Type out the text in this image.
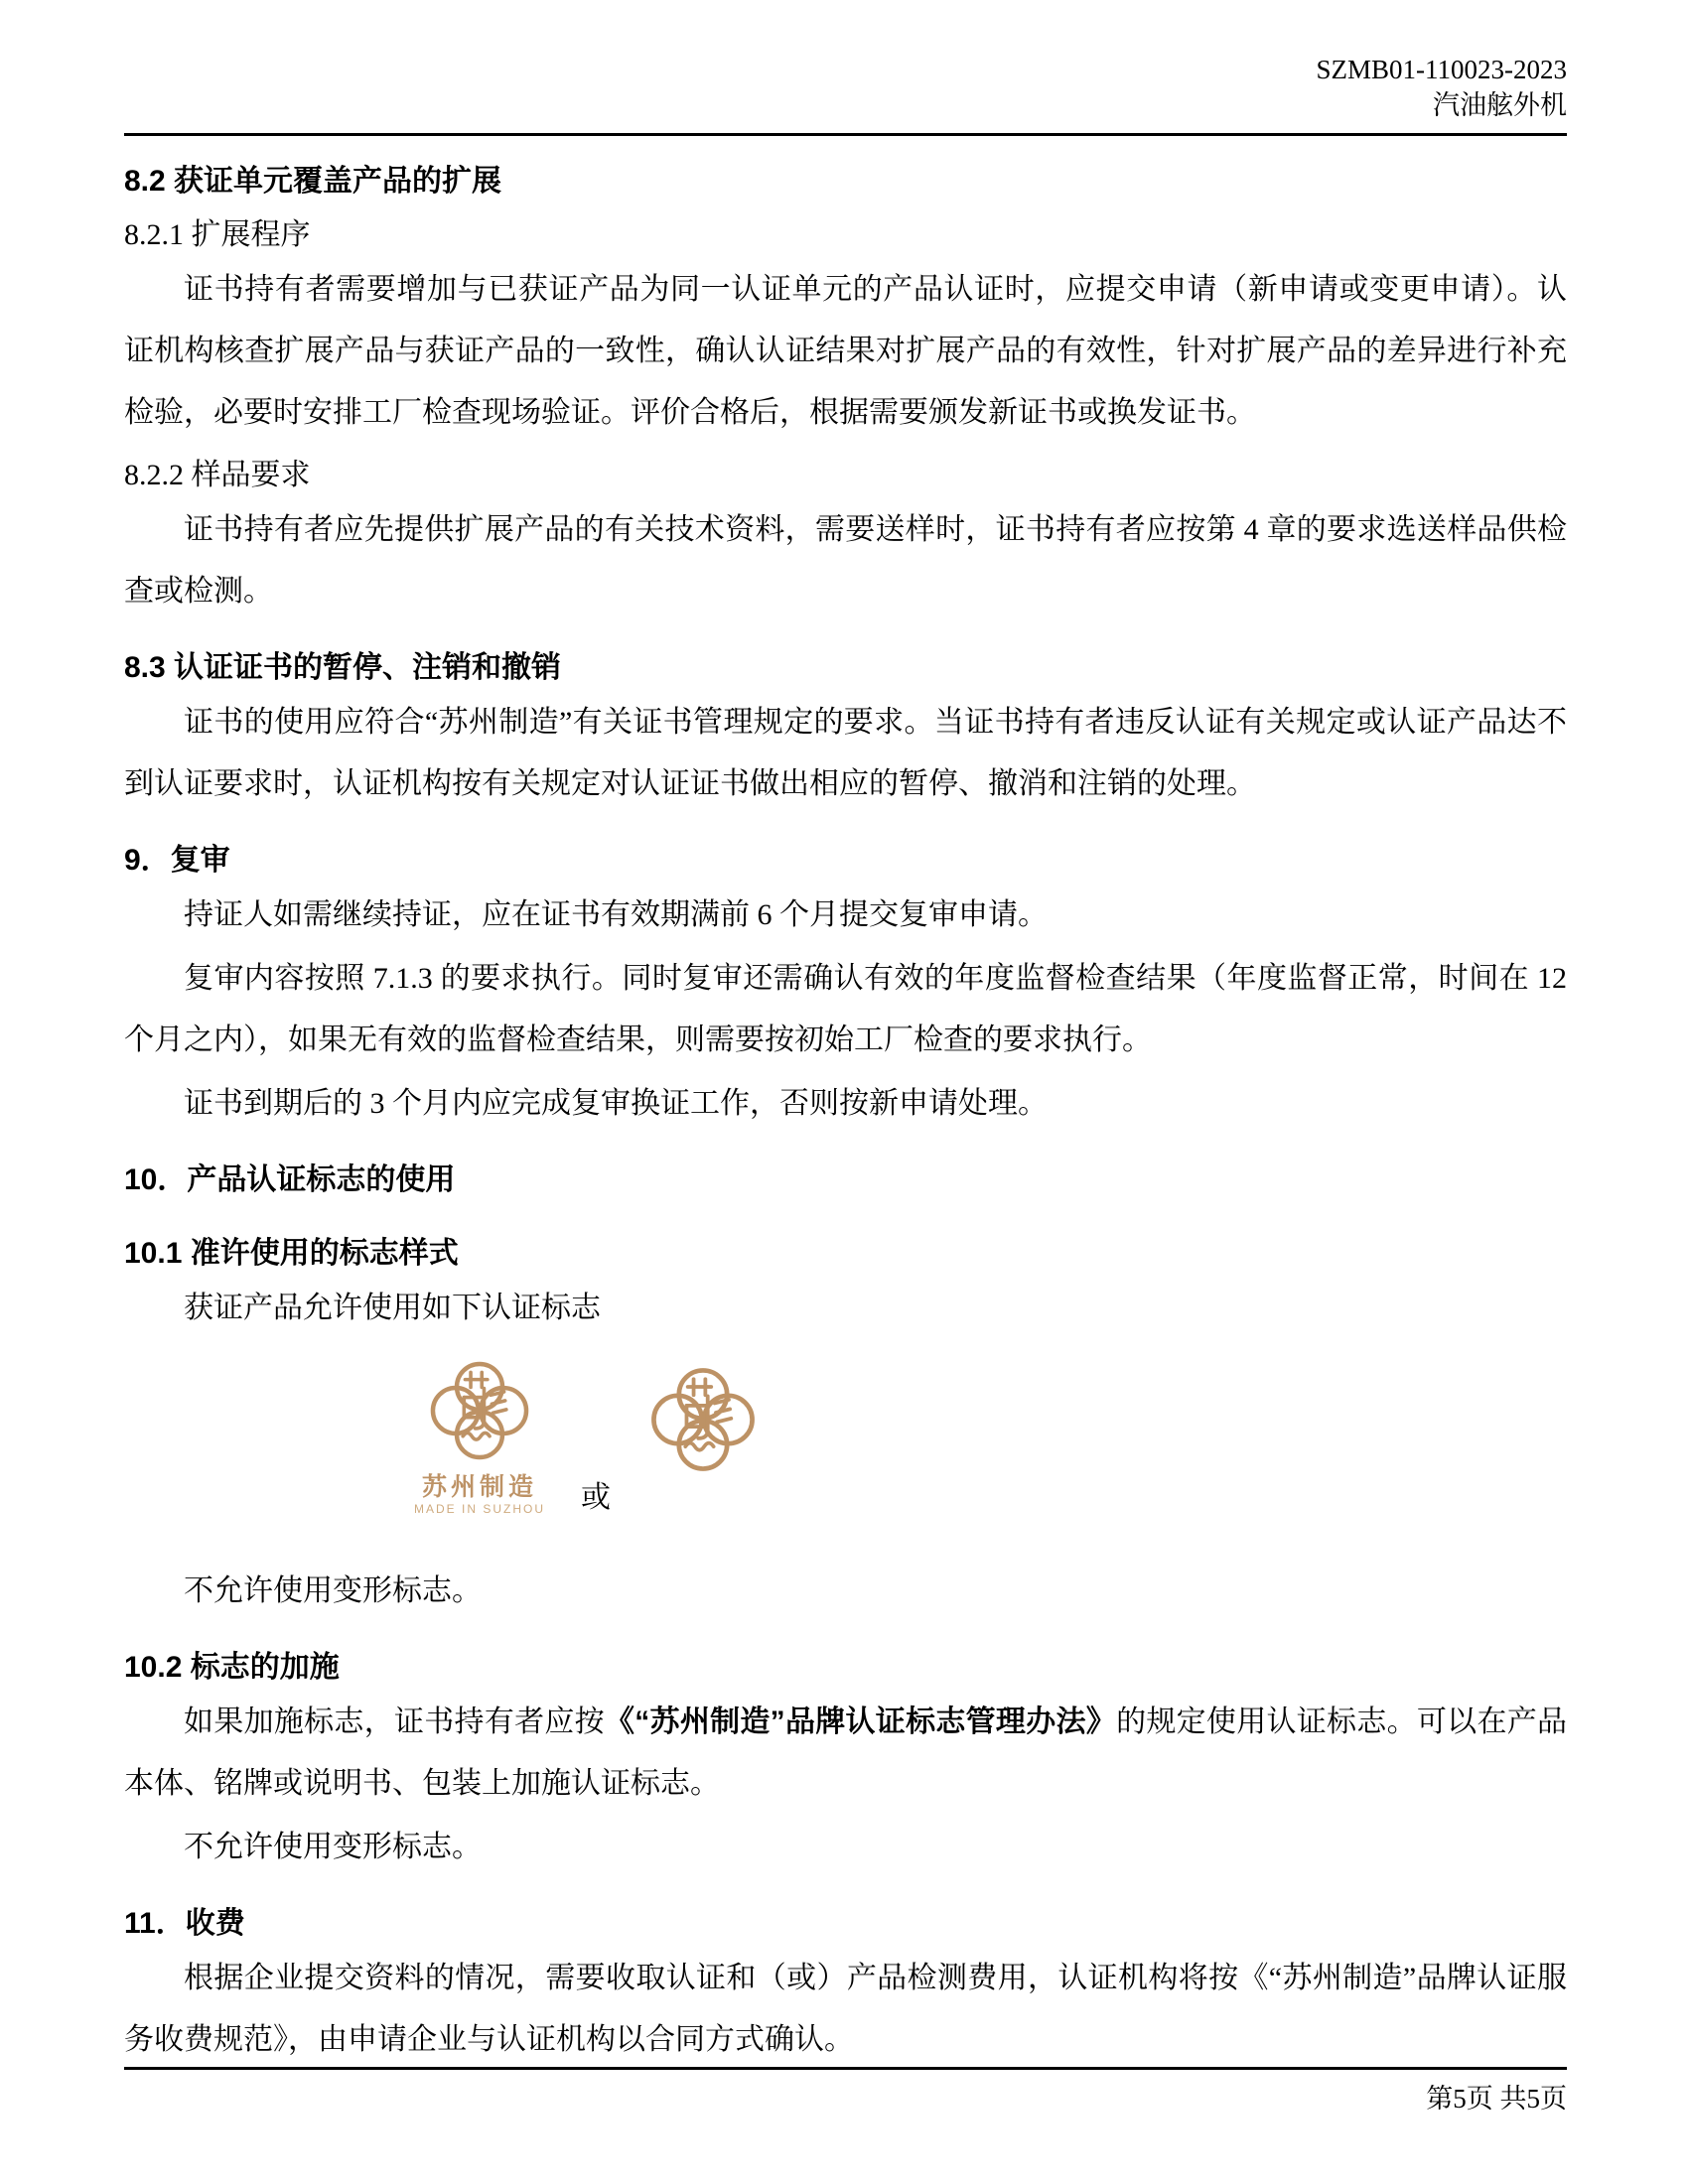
SZMB01-110023-2023
汽油舷外机
8.2 获证单元覆盖产品的扩展
8.2.1 扩展程序

证书持有者需要增加与已获证产品为同一认证单元的产品认证时，应提交申请（新申请或变更申请）。认证机构核查扩展产品与获证产品的一致性，确认认证结果对扩展产品的有效性，针对扩展产品的差异进行补充检验，必要时安排工厂检查现场验证。评价合格后，根据需要颁发新证书或换发证书。

8.2.2 样品要求

证书持有者应先提供扩展产品的有关技术资料，需要送样时，证书持有者应按第 4 章的要求选送样品供检查或检测。

8.3 认证证书的暂停、注销和撤销

证书的使用应符合“苏州制造”有关证书管理规定的要求。当证书持有者违反认证有关规定或认证产品达不到认证要求时，认证机构按有关规定对认证证书做出相应的暂停、撤消和注销的处理。

9．复审

持证人如需继续持证，应在证书有效期满前 6 个月提交复审申请。

复审内容按照 7.1.3 的要求执行。同时复审还需确认有效的年度监督检查结果（年度监督正常，时间在 12 个月之内），如果无有效的监督检查结果，则需要按初始工厂检查的要求执行。

证书到期后的 3 个月内应完成复审换证工作，否则按新申请处理。

10．产品认证标志的使用
10.1 准许使用的标志样式

获证产品允许使用如下认证标志

苏州制造
MADE IN SUZHOU 或

不允许使用变形标志。

10.2 标志的加施

如果加施标志，证书持有者应按《“苏州制造”品牌认证标志管理办法》的规定使用认证标志。可以在产品本体、铭牌或说明书、包装上加施认证标志。

不允许使用变形标志。

11．收费

根据企业提交资料的情况，需要收取认证和（或）产品检测费用，认证机构将按《“苏州制造”品牌认证服务收费规范》，由申请企业与认证机构以合同方式确认。

第5页 共5页
